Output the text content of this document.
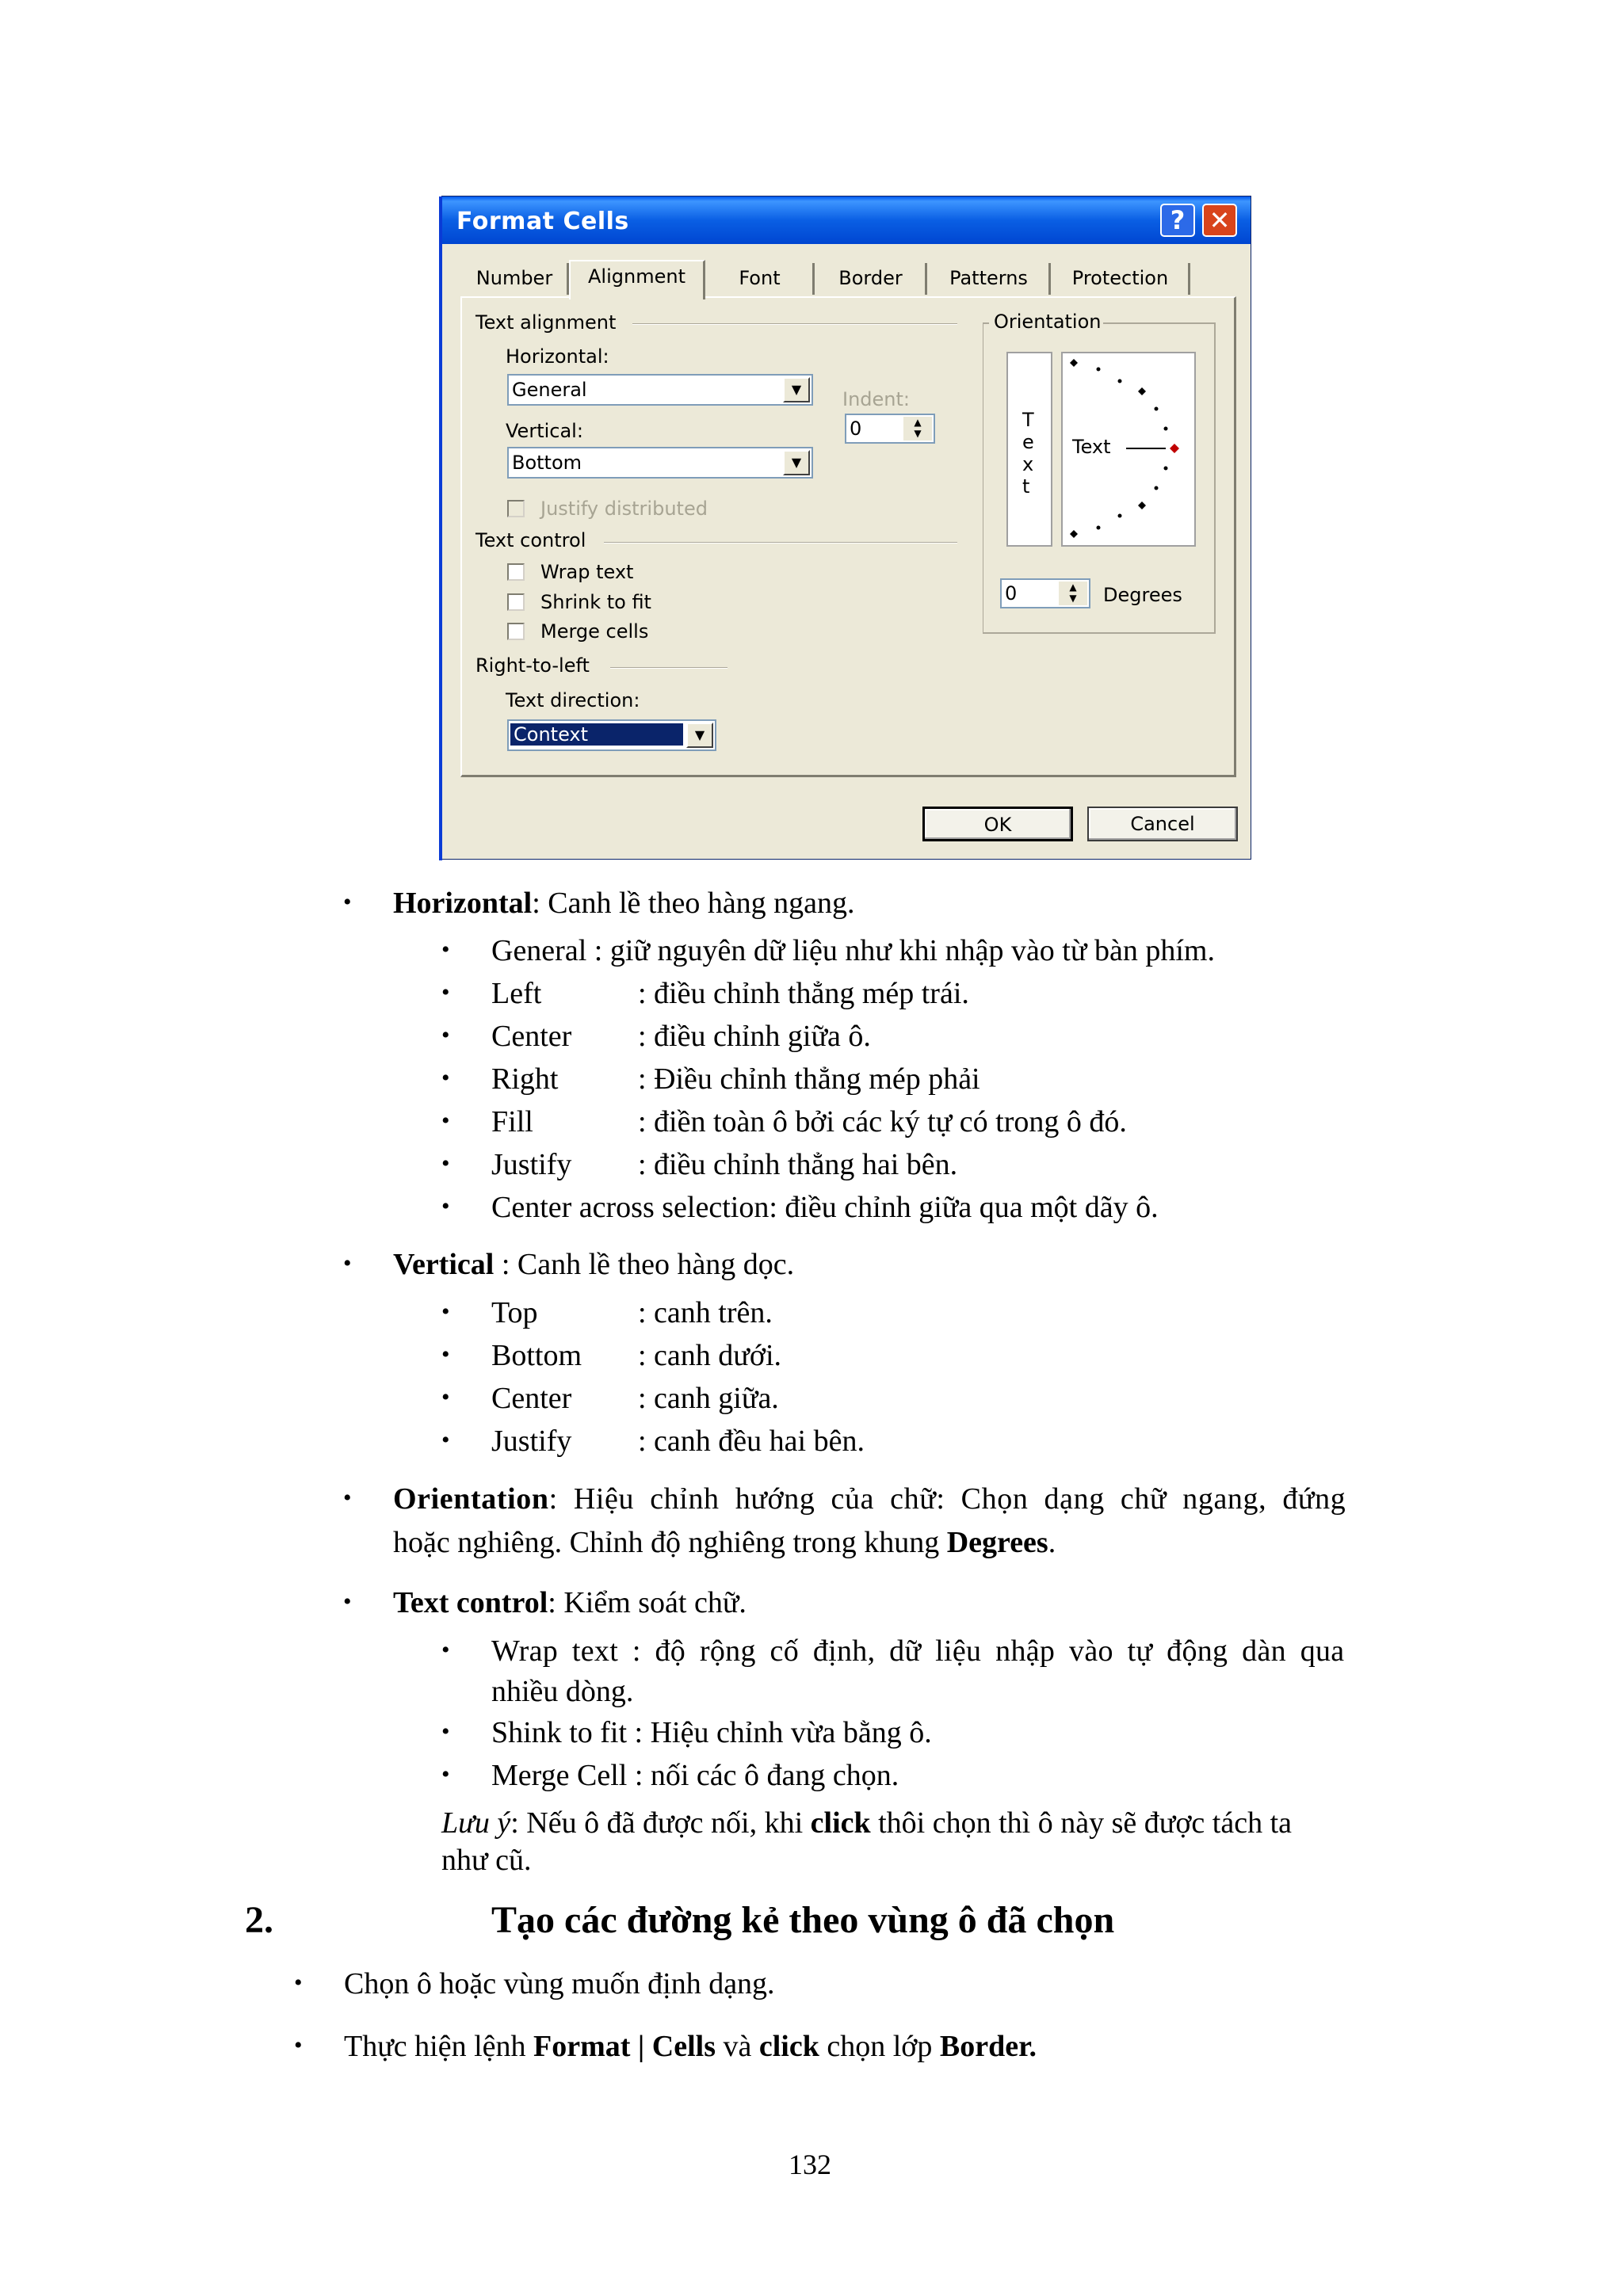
Format Cells	? ✕
Number	Alignment	Font	Border	Patterns	Protection
Text alignment
Horizontal:
General	▼
Vertical:
Bottom	▼
Indent:
0	▲
▼
Justify distributed
Text control
Wrap text
Shrink to fit
Merge cells
Right-to-left
Text direction:
Context	▼
Orientation
T
e
x
t
Text
0	▲
▼	Degrees
OK	Cancel
• Horizontal: Canh lề theo hàng ngang.
• General : giữ nguyên dữ liệu như khi nhập vào từ bàn phím.
• Left	: điều chỉnh thẳng mép trái.
• Center : điều chỉnh giữa ô.
• Right	: Điều chỉnh thẳng mép phải
• Fill	: điền toàn ô bởi các ký tự có trong ô đó.
• Justify : điều chỉnh thẳng hai bên.
• Center across selection: điều chỉnh giữa qua một dãy ô.
• Vertical : Canh lề theo hàng dọc.
• Top	: canh trên.
• Bottom : canh dưới.
• Center : canh giữa.
• Justify : canh đều hai bên.
• Orientation: Hiệu chỉnh hướng của chữ: Chọn dạng chữ ngang, đứng
hoặc nghiêng. Chỉnh độ nghiêng trong khung Degrees.
• Text control: Kiểm soát chữ.
• Wrap text : độ rộng cố định, dữ liệu nhập vào tự động dàn qua
nhiều dòng.
• Shink to fit : Hiệu chỉnh vừa bằng ô.
• Merge Cell : nối các ô đang chọn.
Lưu ý: Nếu ô đã được nối, khi click thôi chọn thì ô này sẽ được tách ta
như cũ.
2.	Tạo các đường kẻ theo vùng ô đã chọn
• Chọn ô hoặc vùng muốn định dạng.
• Thực hiện lệnh Format | Cells và click chọn lớp Border.
132
